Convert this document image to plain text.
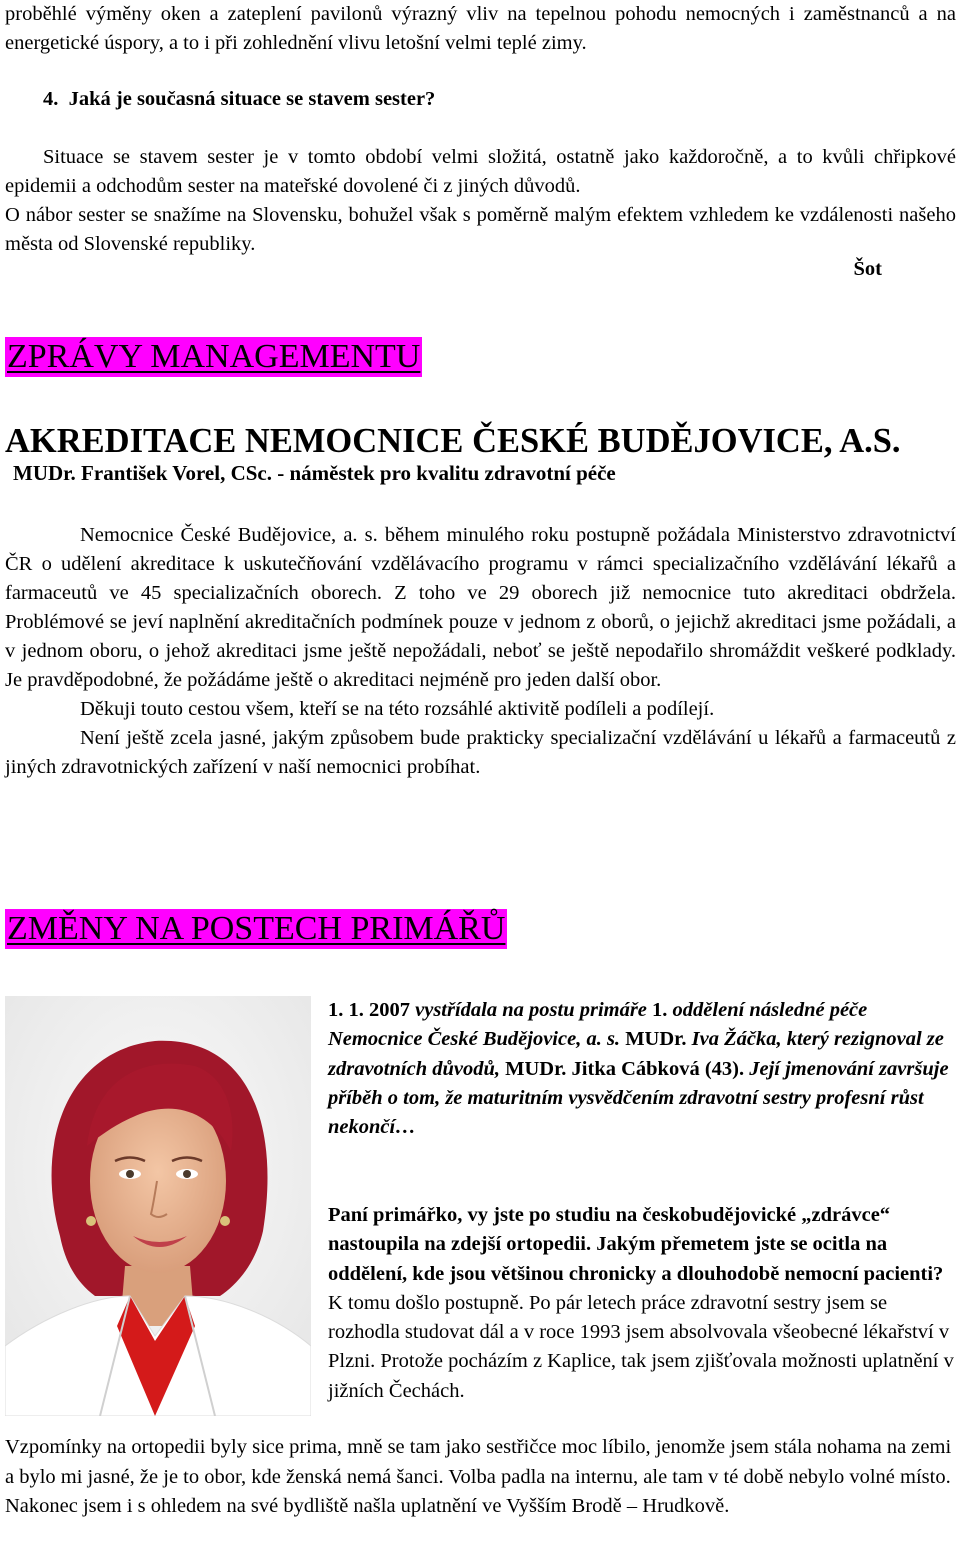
proběhlé výměny oken a zateplení pavilonů výrazný vliv na tepelnou pohodu nemocných i zaměstnanců a na energetické úspory, a to i při zohlednění vlivu letošní velmi teplé zimy.

4. Jaká je současná situace se stavem sester?

Situace se stavem sester je v tomto období velmi složitá, ostatně jako každoročně, a to kvůli chřipkové epidemii a odchodům sester na mateřské dovolené či z jiných důvodů.

O nábor sester se snažíme na Slovensku, bohužel však s poměrně malým efektem vzhledem ke vzdálenosti našeho města od Slovenské republiky.

Šot
ZPRÁVY MANAGEMENTU

AKREDITACE NEMOCNICE ČESKÉ BUDĚJOVICE, A.S.

MUDr. František Vorel, CSc. - náměstek pro kvalitu zdravotní péče

Nemocnice České Budějovice, a. s. během minulého roku postupně požádala Ministerstvo zdravotnictví ČR o udělení akreditace k uskutečňování vzdělávacího programu v rámci specializačního vzdělávání lékařů a farmaceutů ve 45 specializačních oborech. Z toho ve 29 oborech již nemocnice tuto akreditaci obdržela. Problémové se jeví naplnění akreditačních podmínek pouze v jednom z oborů, o jejichž akreditaci jsme požádali, a v jednom oboru, o jehož akreditaci jsme ještě nepožádali, neboť se ještě nepodařilo shromáždit veškeré podklady. Je pravděpodobné, že požádáme ještě o akreditaci nejméně pro jeden další obor.

Děkuji touto cestou všem, kteří se na této rozsáhlé aktivitě podíleli a podílejí.

Není ještě zcela jasné, jakým způsobem bude prakticky specializační vzdělávání u lékařů a farmaceutů z jiných zdravotnických zařízení v naší nemocnici probíhat.

ZMĚNY NA POSTECH PRIMÁŘŮ

1. 1. 2007 vystřídala na postu primáře 1. oddělení následné péče Nemocnice České Budějovice, a. s. MUDr. Iva Žáčka, který rezignoval ze zdravotních důvodů, MUDr. Jitka Cábková (43). Její jmenování završuje příběh o tom, že maturitním vysvědčením zdravotní sestry profesní růst nekončí…

Paní primářko, vy jste po studiu na českobudějovické „zdrávce“ nastoupila na zdejší ortopedii. Jakým přemetem jste se ocitla na oddělení, kde jsou většinou chronicky a dlouhodobě nemocní pacienti?

K tomu došlo postupně. Po pár letech práce zdravotní sestry jsem se rozhodla studovat dál a v roce 1993 jsem absolvovala všeobecné lékařství v Plzni. Protože pocházím z Kaplice, tak jsem zjišťovala možnosti uplatnění v jižních Čechách.

Vzpomínky na ortopedii byly sice prima, mně se tam jako sestřičce moc líbilo, jenomže jsem stála nohama na zemi a bylo mi jasné, že je to obor, kde ženská nemá šanci. Volba padla na internu, ale tam v té době nebylo volné místo. Nakonec jsem i s ohledem na své bydliště našla uplatnění ve Vyšším Brodě – Hrudkově.
